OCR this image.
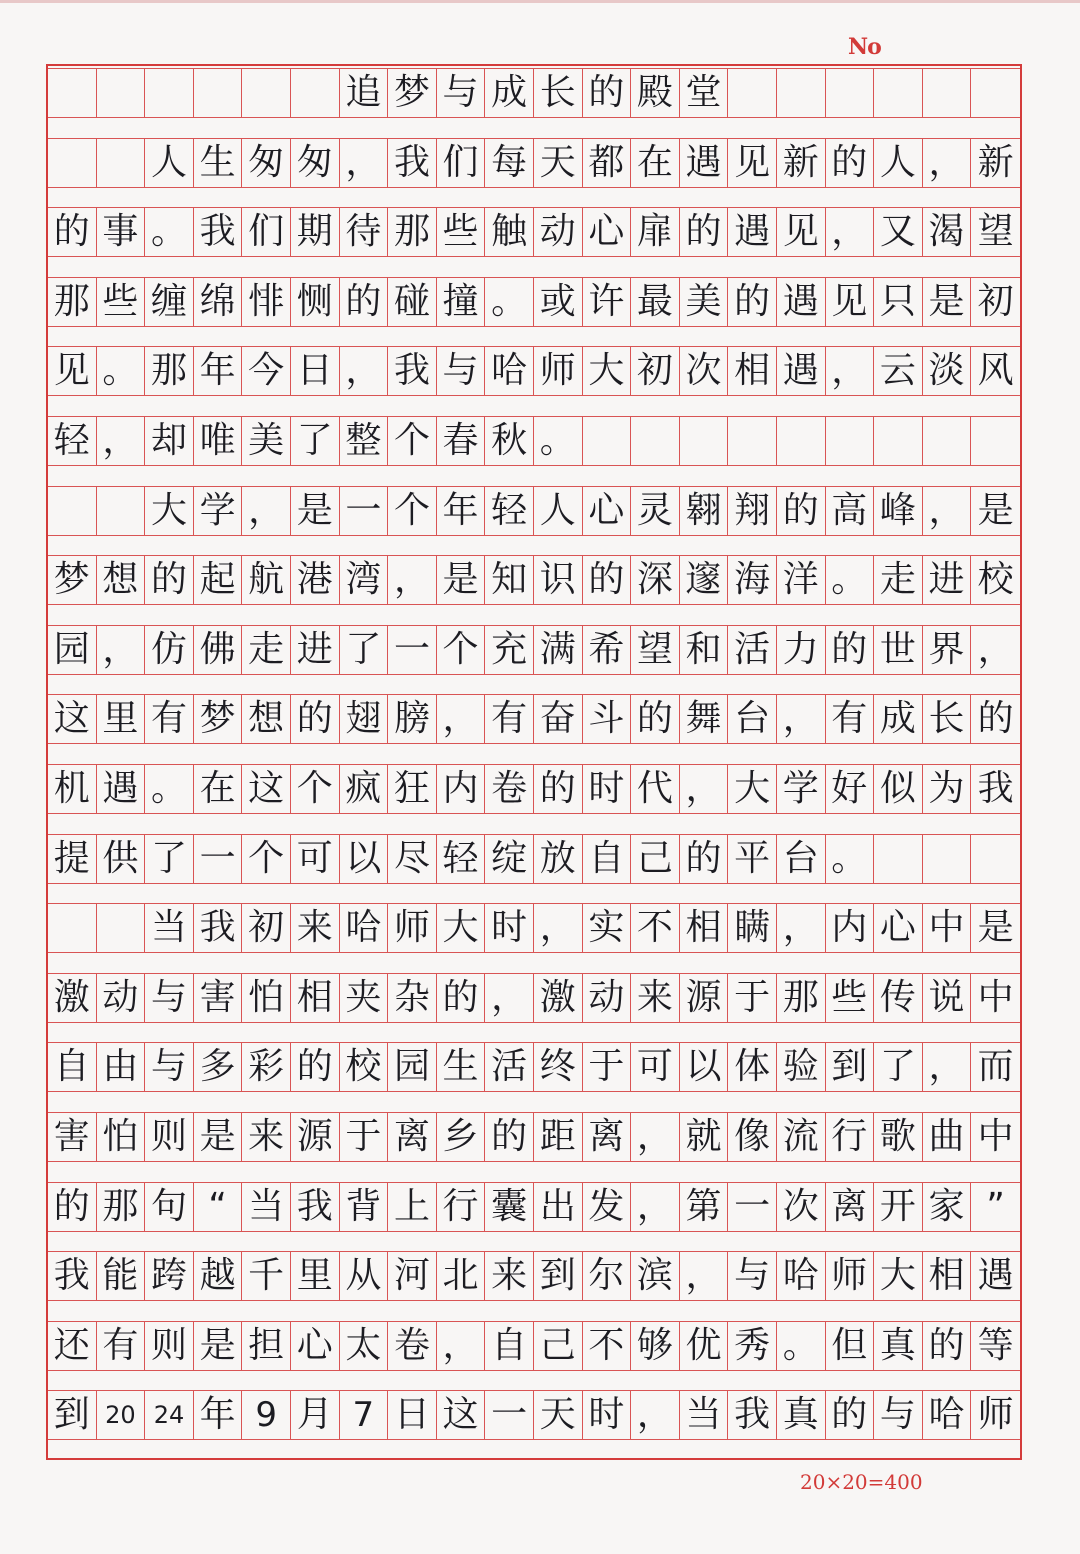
No
追 梦 与 成 长 的 殿 堂
人 生 匆 匆 ， 我 们 每 天 都 在 遇 见 新 的 人 ， 新
的 事 。 我 们 期 待 那 些 触 动 心 扉 的 遇 见 ， 又 渴 望
那 些 缠 绵 悱 恻 的 碰 撞 。 或 许 最 美 的 遇 见 只 是 初
见 。 那 年 今 日 ， 我 与 哈 师 大 初 次 相 遇 ， 云 淡 风
轻 ， 却 唯 美 了 整 个 春 秋 。
大 学 ， 是 一 个 年 轻 人 心 灵 翱 翔 的 高 峰 ， 是
梦 想 的 起 航 港 湾 ， 是 知 识 的 深 邃 海 洋 。 走 进 校
园 ， 仿 佛 走 进 了 一 个 充 满 希 望 和 活 力 的 世 界 ，
这 里 有 梦 想 的 翅 膀 ， 有 奋 斗 的 舞 台 ， 有 成 长 的
机 遇 。 在 这 个 疯 狂 内 卷 的 时 代 ， 大 学 好 似 为 我
提 供 了 一 个 可 以 尽 轻 绽 放 自 己 的 平 台 。
当 我 初 来 哈 师 大 时 ， 实 不 相 瞒 ， 内 心 中 是
激 动 与 害 怕 相 夹 杂 的 ， 激 动 来 源 于 那 些 传 说 中
自 由 与 多 彩 的 校 园 生 活 终 于 可 以 体 验 到 了 ， 而
害 怕 则 是 来 源 于 离 乡 的 距 离 ， 就 像 流 行 歌 曲 中
的 那 句 “ 当 我 背 上 行 囊 出 发 ， 第 一 次 离 开 家 ”
我 能 跨 越 千 里 从 河 北 来 到 尔 滨 ， 与 哈 师 大 相 遇
还 有 则 是 担 心 太 卷 ， 自 己 不 够 优 秀 。 但 真 的 等
到 20 24 年 9 月 7 日 这 一 天 时 ， 当 我 真 的 与 哈 师
20×20=400
